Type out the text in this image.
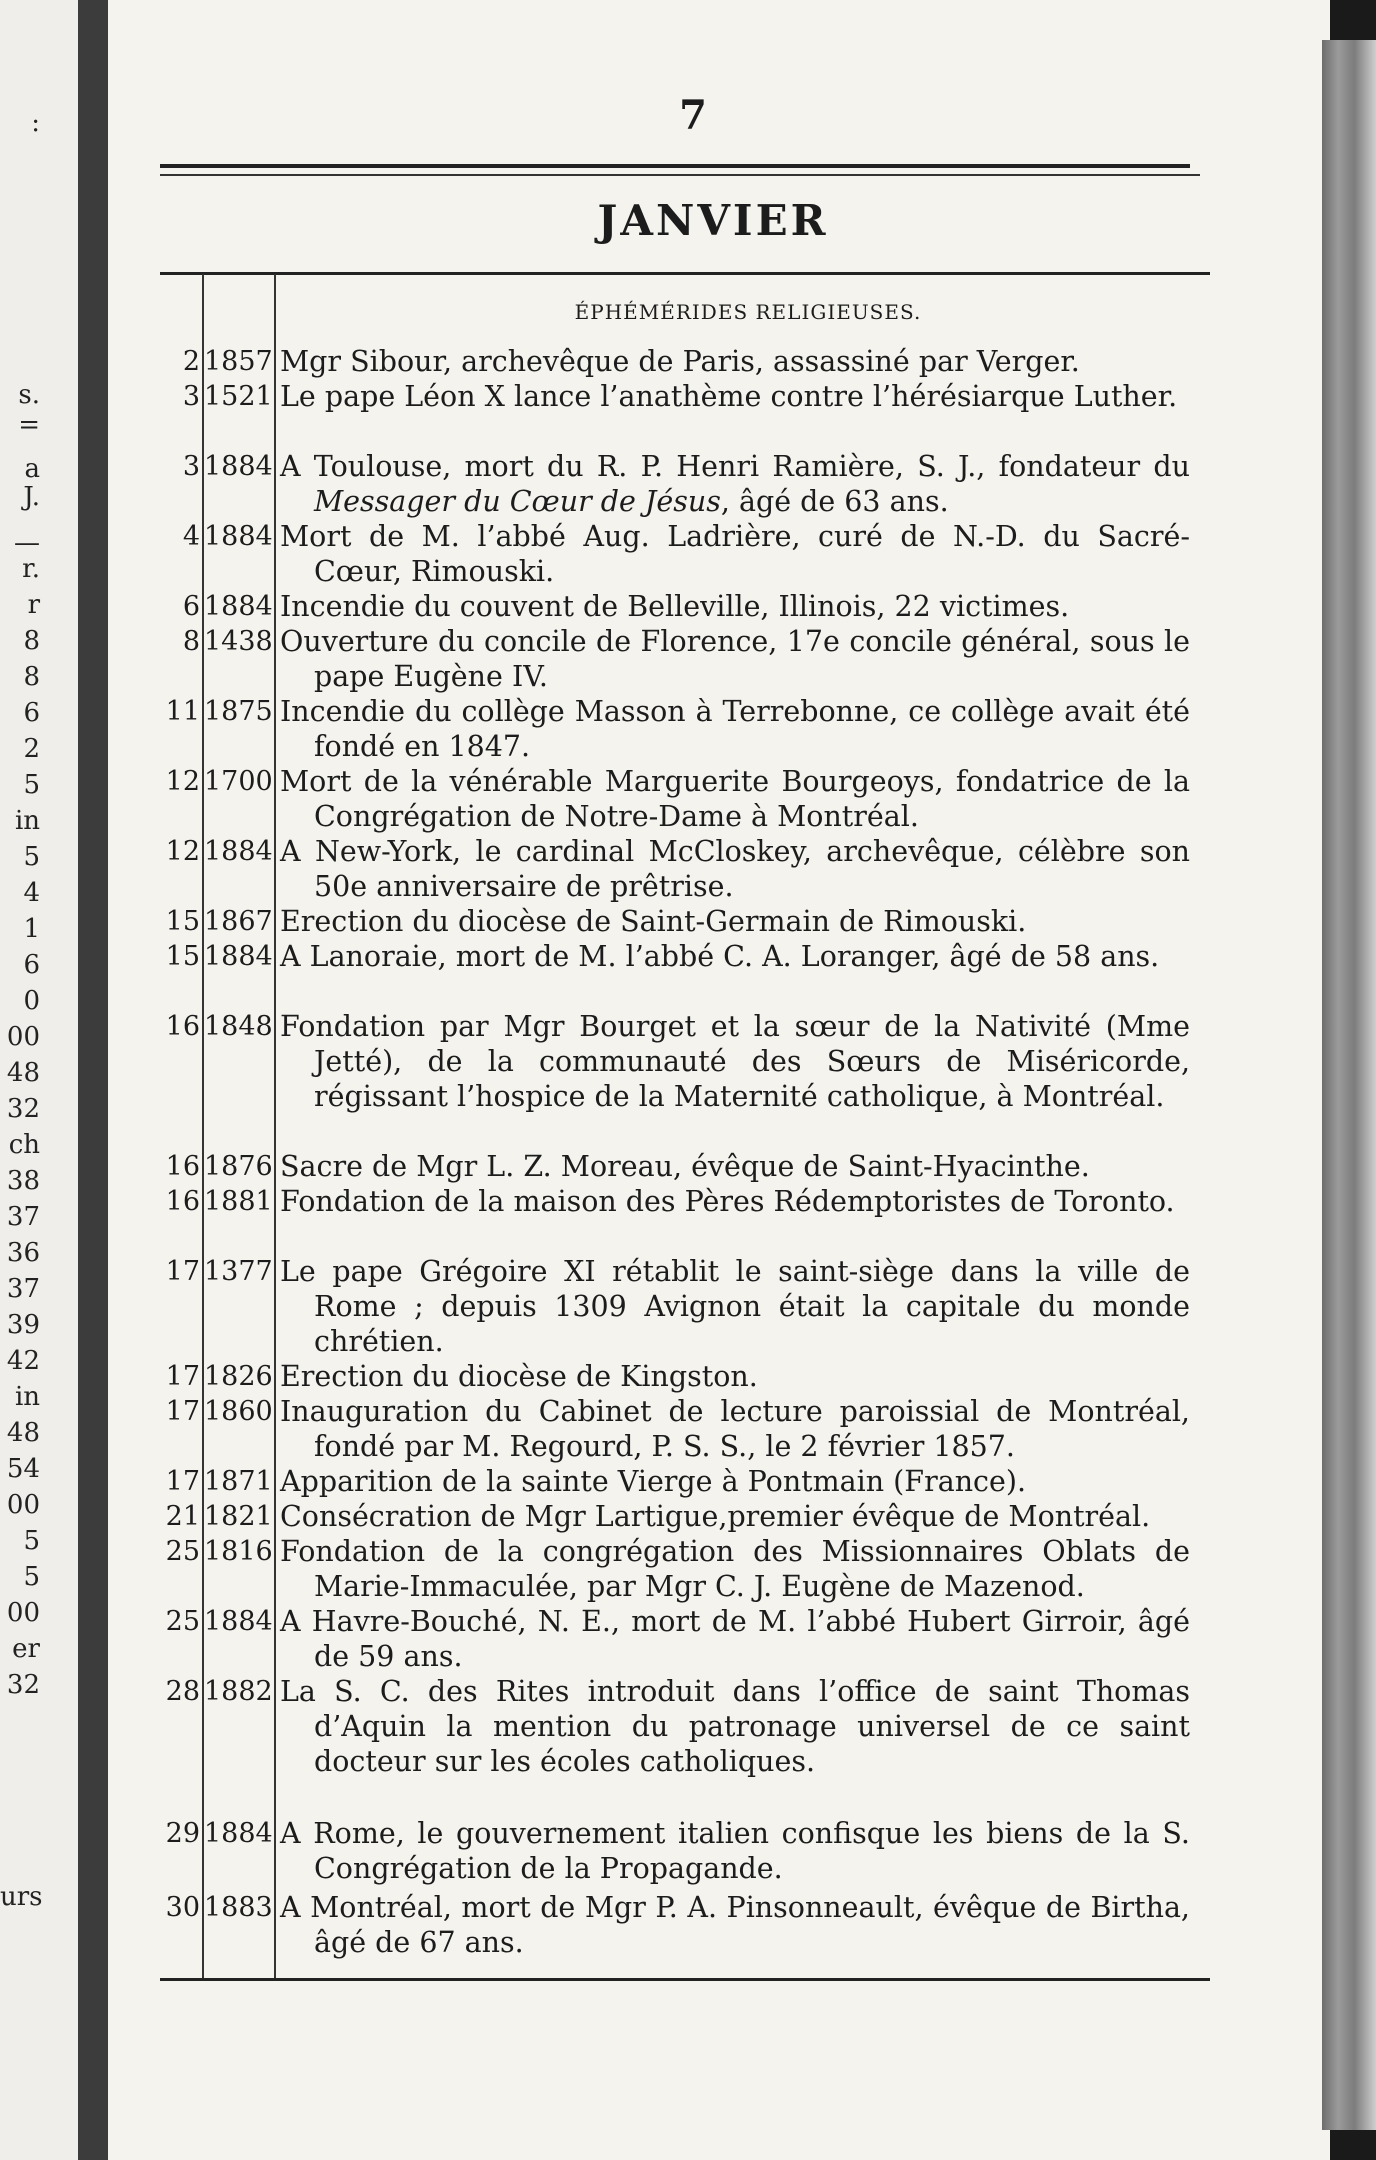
:
s.
=
a
J.
—
r.
r
8
8
6
2
5
in
5
4
1
6
0
00
48
32
ch
38
37
36
37
39
42
in
48
54
00
5
5
00
er
32
urs
7
JANVIER
ÉPHÉMÉRIDES RELIGIEUSES.
2 1857 Mgr Sibour, archevêque de Paris, assassiné par Verger.
3 1521 Le pape Léon X lance l’anathème contre l’hérésiarque Luther.
3 1884 A Toulouse, mort du R. P. Henri Ramière, S. J., fondateur du Messager du Cœur de Jésus, âgé de 63 ans.
4 1884 Mort de M. l’abbé Aug. Ladrière, curé de N.-D. du Sacré-Cœur, Rimouski.
6 1884 Incendie du couvent de Belleville, Illinois, 22 victimes.
8 1438 Ouverture du concile de Florence, 17e concile général, sous le pape Eugène IV.
11 1875 Incendie du collège Masson à Terrebonne, ce collège avait été fondé en 1847.
12 1700 Mort de la vénérable Marguerite Bourgeoys, fondatrice de la Congrégation de Notre-Dame à Montréal.
12 1884 A New-York, le cardinal McCloskey, archevêque, célèbre son 50e anniversaire de prêtrise.
15 1867 Erection du diocèse de Saint-Germain de Rimouski.
15 1884 A Lanoraie, mort de M. l’abbé C. A. Loranger, âgé de 58 ans.
16 1848 Fondation par Mgr Bourget et la sœur de la Nativité (Mme Jetté), de la communauté des Sœurs de Miséricorde, régissant l’hospice de la Maternité catholique, à Montréal.
16 1876 Sacre de Mgr L. Z. Moreau, évêque de Saint-Hyacinthe.
16 1881 Fondation de la maison des Pères Rédemptoristes de Toronto.
17 1377 Le pape Grégoire XI rétablit le saint-siège dans la ville de Rome ; depuis 1309 Avignon était la capitale du monde chrétien.
17 1826 Erection du diocèse de Kingston.
17 1860 Inauguration du Cabinet de lecture paroissial de Montréal, fondé par M. Regourd, P. S. S., le 2 février 1857.
17 1871 Apparition de la sainte Vierge à Pontmain (France).
21 1821 Consécration de Mgr Lartigue,premier évêque de Montréal.
25 1816 Fondation de la congrégation des Missionnaires Oblats de Marie-Immaculée, par Mgr C. J. Eugène de Mazenod.
25 1884 A Havre-Bouché, N. E., mort de M. l’abbé Hubert Girroir, âgé de 59 ans.
28 1882 La S. C. des Rites introduit dans l’office de saint Thomas d’Aquin la mention du patronage universel de ce saint docteur sur les écoles catholiques.
29 1884 A Rome, le gouvernement italien confisque les biens de la S. Congrégation de la Propagande.
30 1883 A Montréal, mort de Mgr P. A. Pinsonneault, évêque de Birtha, âgé de 67 ans.
